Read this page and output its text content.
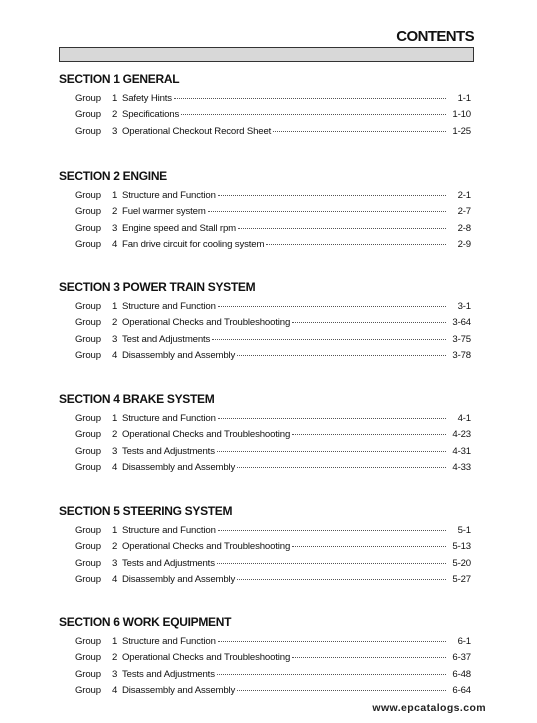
CONTENTS
SECTION 1 GENERAL
Group	1 Safety Hints	1-1
Group	2 Specifications	1-10
Group	3 Operational Checkout Record Sheet	1-25
SECTION 2 ENGINE
Group	1 Structure and Function	2-1
Group	2 Fuel warmer system	2-7
Group	3 Engine speed and Stall rpm	2-8
Group	4 Fan drive circuit for cooling system	2-9
SECTION 3 POWER TRAIN SYSTEM
Group	1 Structure and Function	3-1
Group	2 Operational Checks and Troubleshooting	3-64
Group	3 Test and Adjustments	3-75
Group	4 Disassembly and Assembly	3-78
SECTION 4 BRAKE SYSTEM
Group	1 Structure and Function	4-1
Group	2 Operational Checks and Troubleshooting	4-23
Group	3 Tests and Adjustments	4-31
Group	4 Disassembly and Assembly	4-33
SECTION 5 STEERING SYSTEM
Group	1 Structure and Function	5-1
Group	2 Operational Checks and Troubleshooting	5-13
Group	3 Tests and Adjustments	5-20
Group	4 Disassembly and Assembly	5-27
SECTION 6 WORK EQUIPMENT
Group	1 Structure and Function	6-1
Group	2 Operational Checks and Troubleshooting	6-37
Group	3 Tests and Adjustments	6-48
Group	4 Disassembly and Assembly	6-64
www.epcatalogs.com
